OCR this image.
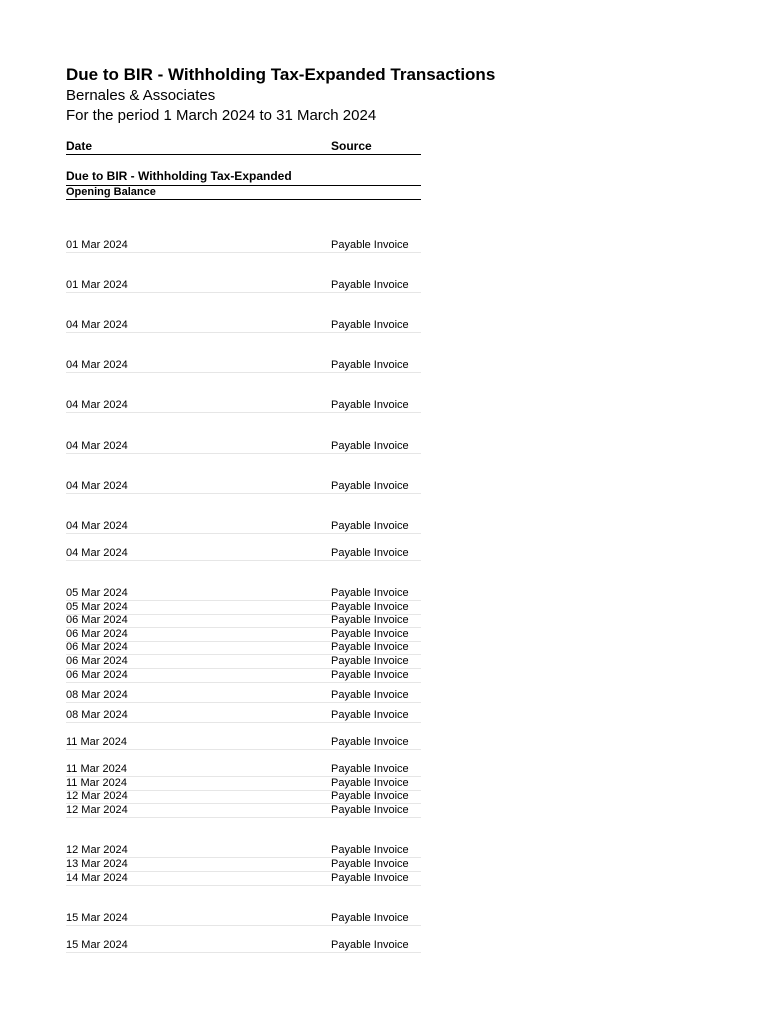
Due to BIR - Withholding Tax-Expanded Transactions
Bernales & Associates
For the period 1 March 2024 to 31 March 2024
Date	Source
Due to BIR - Withholding Tax-Expanded
Opening Balance
01 Mar 2024	Payable Invoice
01 Mar 2024	Payable Invoice
04 Mar 2024	Payable Invoice
04 Mar 2024	Payable Invoice
04 Mar 2024	Payable Invoice
04 Mar 2024	Payable Invoice
04 Mar 2024	Payable Invoice
04 Mar 2024	Payable Invoice
04 Mar 2024	Payable Invoice
05 Mar 2024	Payable Invoice
05 Mar 2024	Payable Invoice
06 Mar 2024	Payable Invoice
06 Mar 2024	Payable Invoice
06 Mar 2024	Payable Invoice
06 Mar 2024	Payable Invoice
06 Mar 2024	Payable Invoice
08 Mar 2024	Payable Invoice
08 Mar 2024	Payable Invoice
11 Mar 2024	Payable Invoice
11 Mar 2024	Payable Invoice
11 Mar 2024	Payable Invoice
12 Mar 2024	Payable Invoice
12 Mar 2024	Payable Invoice
12 Mar 2024	Payable Invoice
13 Mar 2024	Payable Invoice
14 Mar 2024	Payable Invoice
15 Mar 2024	Payable Invoice
15 Mar 2024	Payable Invoice
